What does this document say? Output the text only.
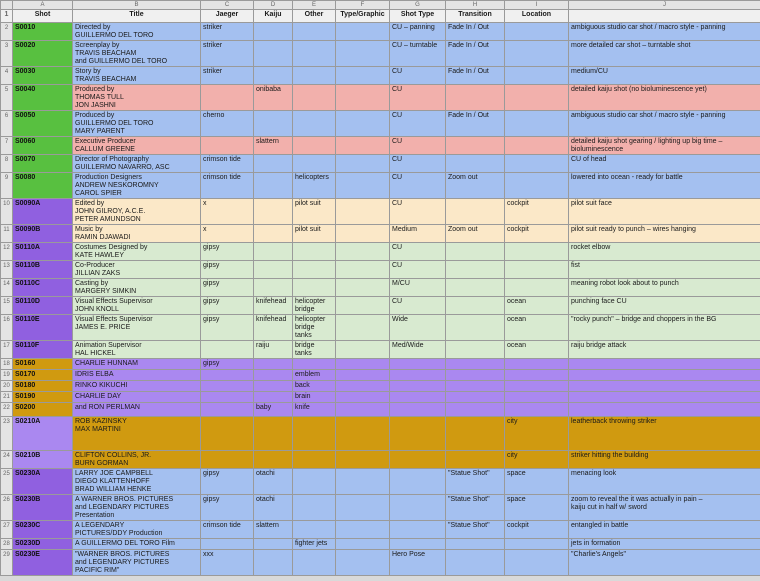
	A	B	C	D	E	F	G	H	I	J
1	Shot	Title	Jaeger	Kaiju	Other	Type/Graphic	Shot Type	Transition	Location	
2	S0010	Directed by
GUILLERMO DEL TORO	striker				CU – panning	Fade In / Out		ambiguous studio car shot / macro style - panning
3	S0020	Screenplay by
TRAVIS BEACHAM
and GUILLERMO DEL TORO	striker				CU – turntable	Fade In / Out		more detailed car shot – turntable shot
4	S0030	Story by
TRAVIS BEACHAM	striker				CU	Fade In / Out		medium/CU
5	S0040	Produced by
THOMAS TULL
JON JASHNI		onibaba			CU			detailed kaiju shot (no bioluminescence yet)
6	S0050	Produced by
GUILLERMO DEL TORO
MARY PARENT	cherno				CU	Fade In / Out		ambiguous studio car shot / macro style - panning
7	S0060	Executive Producer
CALLUM GREENE		slattern			CU			detailed kaiju shot gearing / lighting up big time – bioluminescence
8	S0070	Director of Photography
GUILLERMO NAVARRO, ASC	crimson tide				CU			CU of head
9	S0080	Production Designers
ANDREW NESKOROMNY
CAROL SPIER	crimson tide		helicopters		CU	Zoom out		lowered into ocean - ready for battle
10	S0090A	Edited by
JOHN GILROY, A.C.E.
PETER AMUNDSON	x		pilot suit		CU		cockpit	pilot suit face
11	S0090B	Music by
RAMIN DJAWADI	x		pilot suit		Medium	Zoom out	cockpit	pilot suit ready to punch – wires hanging
12	S0110A	Costumes Designed by
KATE HAWLEY	gipsy				CU			rocket elbow
13	S0110B	Co-Producer
JILLIAN ZAKS	gipsy				CU			fist
14	S0110C	Casting by
MARGERY SIMKIN	gipsy				M/CU			meaning robot look about to punch
15	S0110D	Visual Effects Supervisor
JOHN KNOLL	gipsy	knifehead	helicopter
bridge		CU		ocean	punching face CU
16	S0110E	Visual Effects Supervisor
JAMES E. PRICE	gipsy	knifehead	helicopter
bridge
tanks		Wide		ocean	"rocky punch" – bridge and choppers in the BG
17	S0110F	Animation Supervisor
HAL HICKEL		raiju	bridge
tanks		Med/Wide		ocean	raiju bridge attack
18	S0160	CHARLIE HUNNAM	gipsy							
19	S0170	IDRIS ELBA			emblem					
20	S0180	RINKO KIKUCHI			back					
21	S0190	CHARLIE DAY			brain					
22	S0200	and RON PERLMAN		baby	knife					
23	S0210A	ROB KAZINSKY
MAX MARTINI							city	leatherback throwing striker
24	S0210B	CLIFTON COLLINS, JR.
BURN GORMAN							city	striker hitting the building
25	S0230A	LARRY JOE CAMPBELL
DIEGO KLATTENHOFF
BRAD WILLIAM HENKE	gipsy	otachi				"Statue Shot"	space	menacing look
26	S0230B	A WARNER BROS. PICTURES
and LEGENDARY PICTURES
Presentation	gipsy	otachi				"Statue Shot"	space	zoom to reveal the it was actually in pain –
kaiju cut in half w/ sword
27	S0230C	A LEGENDARY
PICTURES/DDY Production	crimson tide	slattern				"Statue Shot"	cockpit	entangled in battle
28	S0230D	A GUILLERMO DEL TORO Film			fighter jets					jets in formation
29	S0230E	"WARNER BROS. PICTURES
and LEGENDARY PICTURES
PACIFIC RIM"	xxx				Hero Pose			"Charlie's Angels"
